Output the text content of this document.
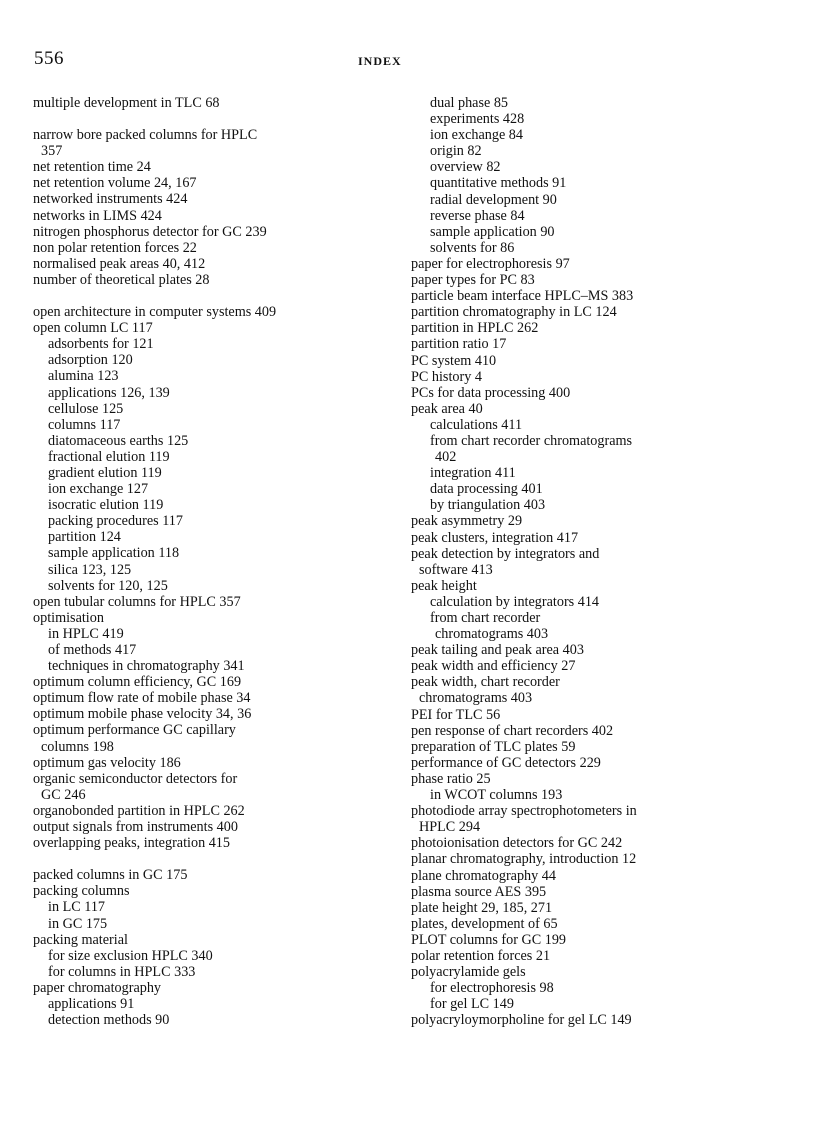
556	INDEX
multiple development in TLC 68
narrow bore packed columns for HPLC
357
net retention time 24
net retention volume 24, 167
networked instruments 424
networks in LIMS 424
nitrogen phosphorus detector for GC 239
non polar retention forces 22
normalised peak areas 40, 412
number of theoretical plates 28
open architecture in computer systems 409
open column LC 117
adsorbents for 121
adsorption 120
alumina 123
applications 126, 139
cellulose 125
columns 117
diatomaceous earths 125
fractional elution 119
gradient elution 119
ion exchange 127
isocratic elution 119
packing procedures 117
partition 124
sample application 118
silica 123, 125
solvents for 120, 125
open tubular columns for HPLC 357
optimisation
in HPLC 419
of methods 417
techniques in chromatography 341
optimum column efficiency, GC 169
optimum flow rate of mobile phase 34
optimum mobile phase velocity 34, 36
optimum performance GC capillary
columns 198
optimum gas velocity 186
organic semiconductor detectors for
GC 246
organobonded partition in HPLC 262
output signals from instruments 400
overlapping peaks, integration 415
packed columns in GC 175
packing columns
in LC 117
in GC 175
packing material
for size exclusion HPLC 340
for columns in HPLC 333
paper chromatography
applications 91
detection methods 90
dual phase 85
experiments 428
ion exchange 84
origin 82
overview 82
quantitative methods 91
radial development 90
reverse phase 84
sample application 90
solvents for 86
paper for electrophoresis 97
paper types for PC 83
particle beam interface HPLC–MS 383
partition chromatography in LC 124
partition in HPLC 262
partition ratio 17
PC system 410
PC history 4
PCs for data processing 400
peak area 40
calculations 411
from chart recorder chromatograms
402
integration 411
data processing 401
by triangulation 403
peak asymmetry 29
peak clusters, integration 417
peak detection by integrators and
software 413
peak height
calculation by integrators 414
from chart recorder
chromatograms 403
peak tailing and peak area 403
peak width and efficiency 27
peak width, chart recorder
chromatograms 403
PEI for TLC 56
pen response of chart recorders 402
preparation of TLC plates 59
performance of GC detectors 229
phase ratio 25
in WCOT columns 193
photodiode array spectrophotometers in
HPLC 294
photoionisation detectors for GC 242
planar chromatography, introduction 12
plane chromatography 44
plasma source AES 395
plate height 29, 185, 271
plates, development of 65
PLOT columns for GC 199
polar retention forces 21
polyacrylamide gels
for electrophoresis 98
for gel LC 149
polyacryloymorpholine for gel LC 149
